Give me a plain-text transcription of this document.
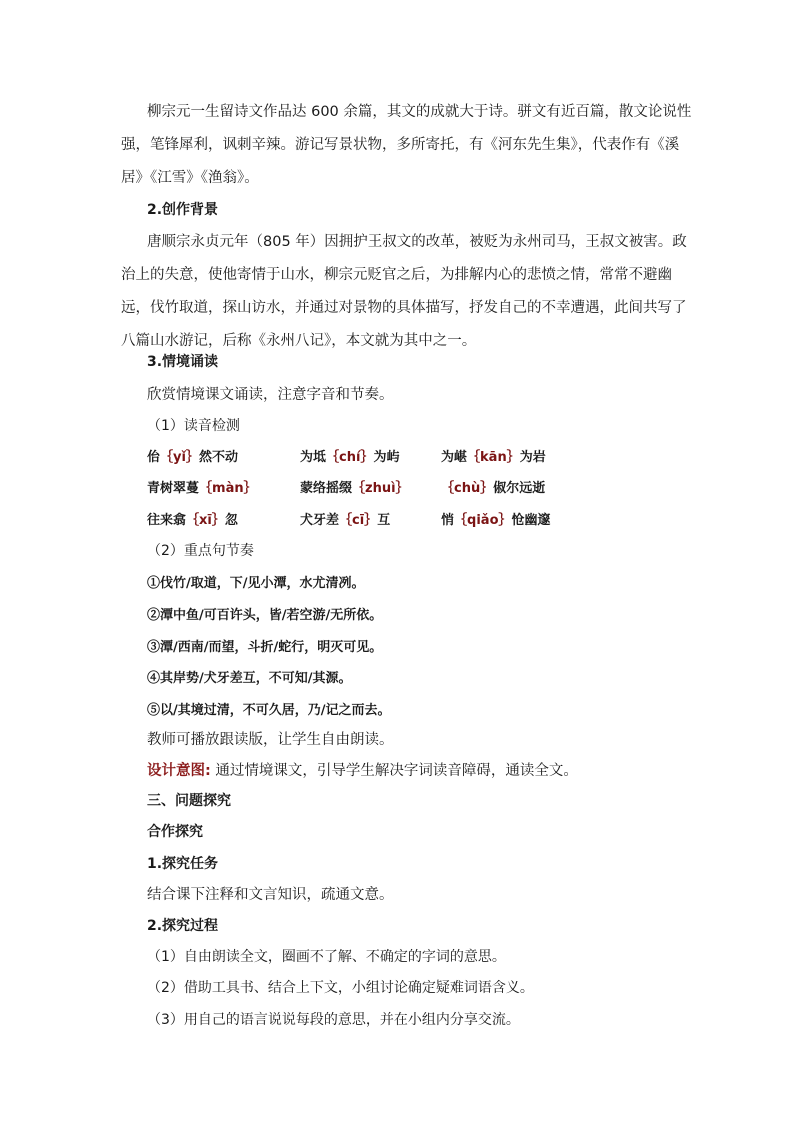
柳宗元一生留诗文作品达 600 余篇，其文的成就大于诗。骈文有近百篇，散文论说性
强，笔锋犀利，讽刺辛辣。游记写景状物，多所寄托，有《河东先生集》，代表作有《溪
居》《江雪》《渔翁》。
2.创作背景
唐顺宗永贞元年（805 年）因拥护王叔文的改革，被贬为永州司马，王叔文被害。政
治上的失意，使他寄情于山水，柳宗元贬官之后，为排解内心的悲愤之情，常常不避幽
远，伐竹取道，探山访水，并通过对景物的具体描写，抒发自己的不幸遭遇，此间共写了
八篇山水游记，后称《永州八记》，本文就为其中之一。
3.情境诵读
欣赏情境课文诵读，注意字音和节奏。
（1）读音检测
佁｛yǐ｝然不动	为坻｛chí｝为屿	为嵁｛kān｝为岩
青树翠蔓｛màn｝	蒙络摇缀｛zhuì｝ ｛chù｝俶尔远逝
往来翕｛xī｝忽	犬牙差｛cī｝互	悄｛qiǎo｝怆幽邃
（2）重点句节奏
①伐竹/取道，下/见小潭，水尤清冽。
②潭中鱼/可百许头，皆/若空游/无所依。
③潭/西南/而望，斗折/蛇行，明灭可见。
④其岸势/犬牙差互，不可知/其源。
⑤以/其境过清，不可久居，乃/记之而去。
教师可播放跟读版，让学生自由朗读。
设计意图: 通过情境课文，引导学生解决字词读音障碍，通读全文。
三、问题探究
合作探究
1.探究任务
结合课下注释和文言知识，疏通文意。
2.探究过程
（1）自由朗读全文，圈画不了解、不确定的字词的意思。
（2）借助工具书、结合上下文，小组讨论确定疑难词语含义。
（3）用自己的语言说说每段的意思，并在小组内分享交流。
